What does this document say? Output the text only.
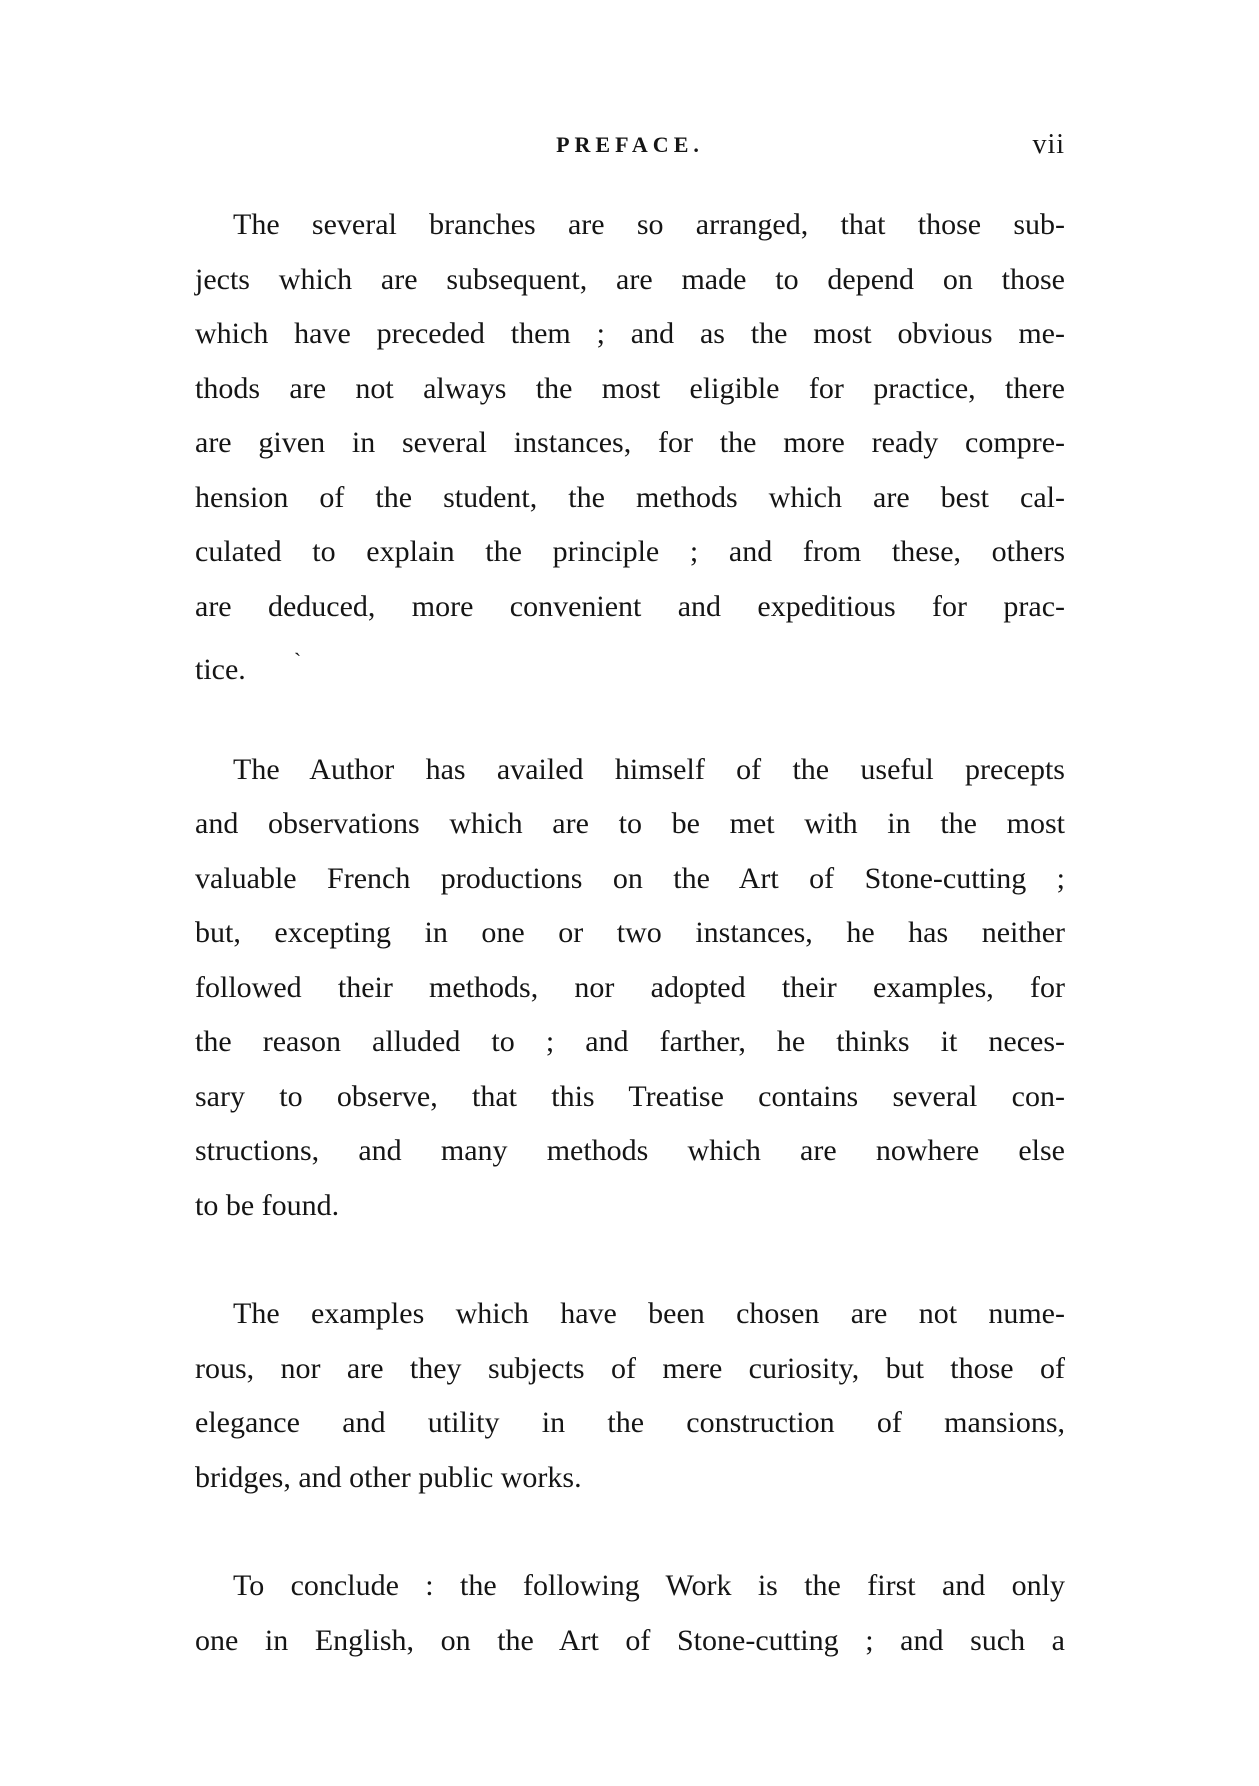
PREFACE.	vii

The several branches are so arranged, that those sub-
jects which are subsequent, are made to depend on those
which have preceded them ; and as the most obvious me-
thods are not always the most eligible for practice, there
are given in several instances, for the more ready compre-
hension of the student, the methods which are best cal-
culated to explain the principle ; and from these, others
are deduced, more convenient and expeditious for prac-
tice. `

The Author has availed himself of the useful precepts
and observations which are to be met with in the most
valuable French productions on the Art of Stone-cutting ;
but, excepting in one or two instances, he has neither
followed their methods, nor adopted their examples, for
the reason alluded to ; and farther, he thinks it neces-
sary to observe, that this Treatise contains several con-
structions, and many methods which are nowhere else
to be found.

The examples which have been chosen are not nume-
rous, nor are they subjects of mere curiosity, but those of
elegance and utility in the construction of mansions,
bridges, and other public works.

To conclude : the following Work is the first and only
one in English, on the Art of Stone-cutting ; and such a
